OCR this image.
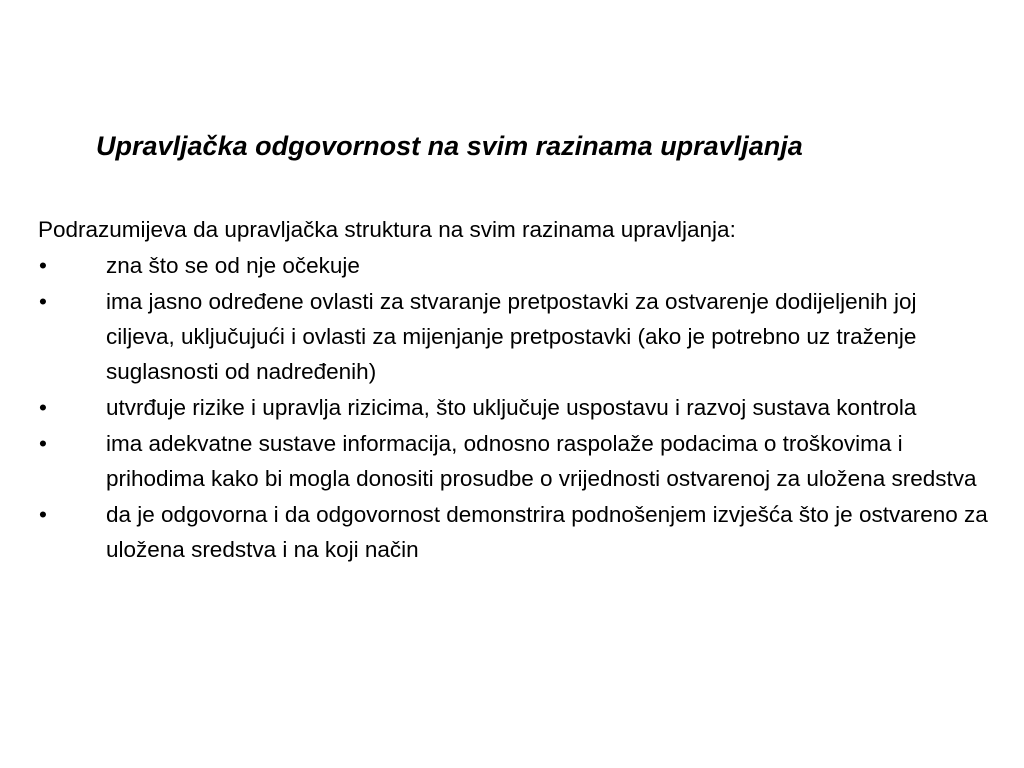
Upravljačka odgovornost na svim razinama upravljanja
Podrazumijeva da upravljačka struktura na svim razinama upravljanja:
•	zna što se od nje očekuje
•	ima jasno određene ovlasti za stvaranje pretpostavki za ostvarenje dodijeljenih joj ciljeva, uključujući i ovlasti za mijenjanje pretpostavki (ako je potrebno uz traženje suglasnosti od nadređenih)
•	utvrđuje rizike i upravlja rizicima, što uključuje uspostavu i razvoj sustava kontrola
•	ima adekvatne sustave informacija, odnosno raspolaže podacima o troškovima i prihodima kako bi mogla donositi prosudbe o vrijednosti ostvarenoj za uložena sredstva
•	da je odgovorna i da odgovornost demonstrira podnošenjem izvješća što je ostvareno za uložena sredstva i na koji način
